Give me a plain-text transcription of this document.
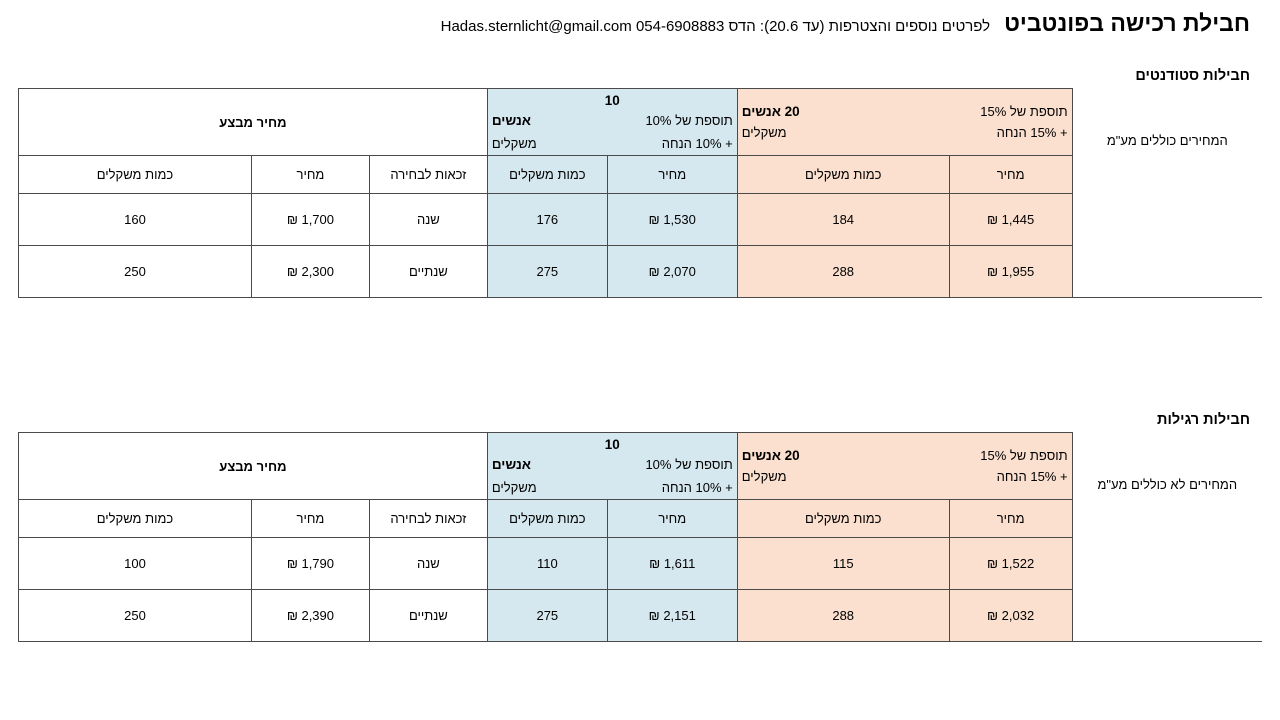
חבילת רכישה בפונטביט
לפרטים נוספים והצטרפות (עד 20.6): הדס 054-6908883 Hadas.sternlicht@gmail.com
חבילות סטודנטים
המחירים כוללים מע"מ	
תוספת של 15%
20 אנשים
+ 15% הנחה
משקלים

10
תוספת של 10%
אנשים
+ 10% הנחה
משקלים
	מחיר מבצע
	מחיר	כמות משקלים	מחיר	כמות משקלים	זכאות לבחירה	מחיר	כמות משקלים
	1,445 ₪	184	1,530 ₪	176	שנה	1,700 ₪	160
	1,955 ₪	288	2,070 ₪	275	שנתיים	2,300 ₪	250
חבילות רגילות
המחירים לא כוללים מע"מ	
תוספת של 15%
20 אנשים
+ 15% הנחה
משקלים

10
תוספת של 10%
אנשים
+ 10% הנחה
משקלים
	מחיר מבצע
	מחיר	כמות משקלים	מחיר	כמות משקלים	זכאות לבחירה	מחיר	כמות משקלים
	1,522 ₪	115	1,611 ₪	110	שנה	1,790 ₪	100
	2,032 ₪	288	2,151 ₪	275	שנתיים	2,390 ₪	250
